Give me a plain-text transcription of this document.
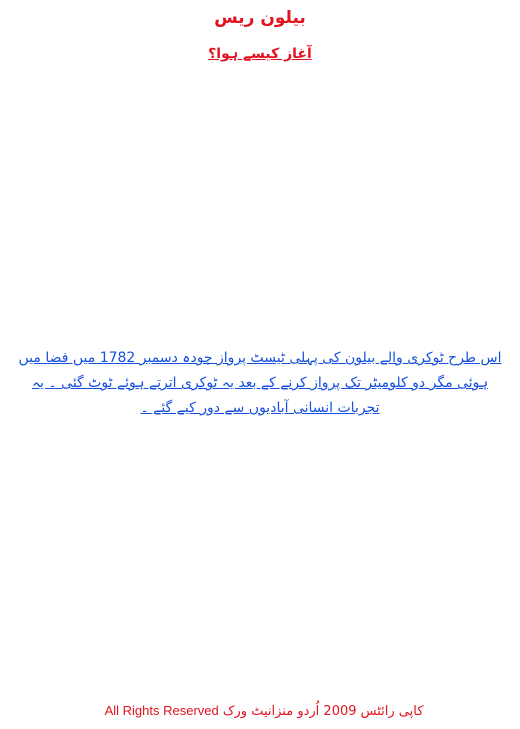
بیلون ریس
آغاز کیسے ہوا؟

اس طرح ٹوکری والے بیلون کی پہلی ٹیسٹ پرواز چودہ دسمبر 1782 میں فضا میں ہوئی مگر دو کلومیٹر تک پرواز کرنے کے بعد یہ ٹوکری اترتے ہوئے ٹوٹ گئی ۔ یہ تجربات انسانی آبادیوں سے دور کیے گئے ۔

کاپی رائٹس 2009 اُردو منزانیٹ ورک All Rights Reserved
